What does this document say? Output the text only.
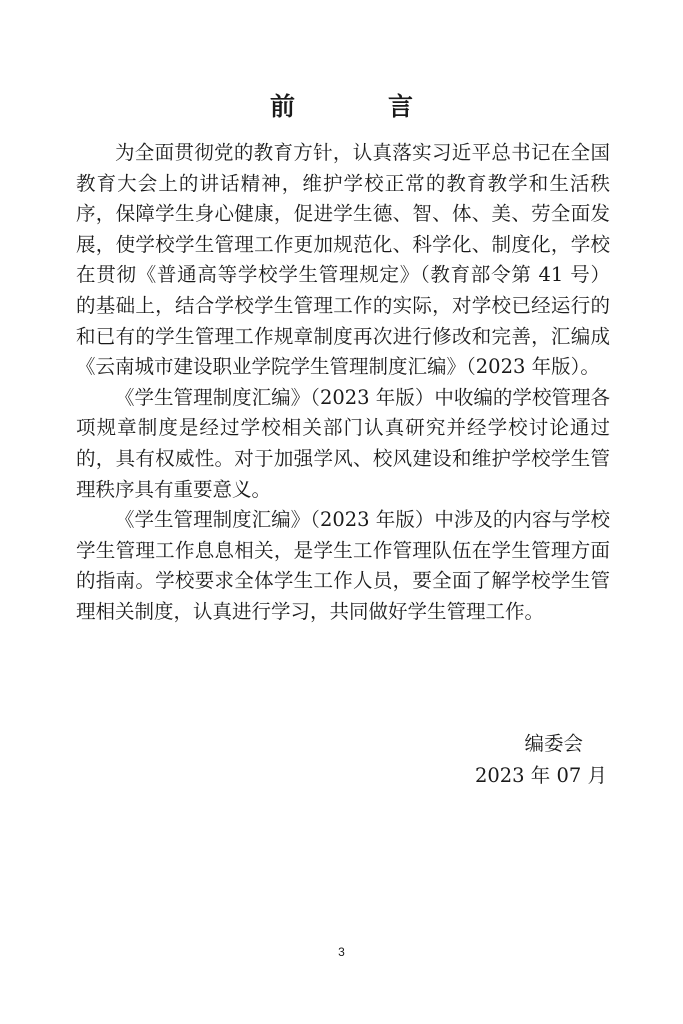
前　言

为全面贯彻党的教育方针，认真落实习近平总书记在全国教育大会上的讲话精神，维护学校正常的教育教学和生活秩序，保障学生身心健康，促进学生德、智、体、美、劳全面发展，使学校学生管理工作更加规范化、科学化、制度化，学校在贯彻《普通高等学校学生管理规定》（教育部令第 41 号）的基础上，结合学校学生管理工作的实际，对学校已经运行的和已有的学生管理工作规章制度再次进行修改和完善，汇编成《云南城市建设职业学院学生管理制度汇编》（2023 年版）。

《学生管理制度汇编》（2023 年版）中收编的学校管理各项规章制度是经过学校相关部门认真研究并经学校讨论通过的，具有权威性。对于加强学风、校风建设和维护学校学生管理秩序具有重要意义。

《学生管理制度汇编》（2023 年版）中涉及的内容与学校学生管理工作息息相关，是学生工作管理队伍在学生管理方面的指南。学校要求全体学生工作人员，要全面了解学校学生管理相关制度，认真进行学习，共同做好学生管理工作。

编委会
2023 年 07 月
3
